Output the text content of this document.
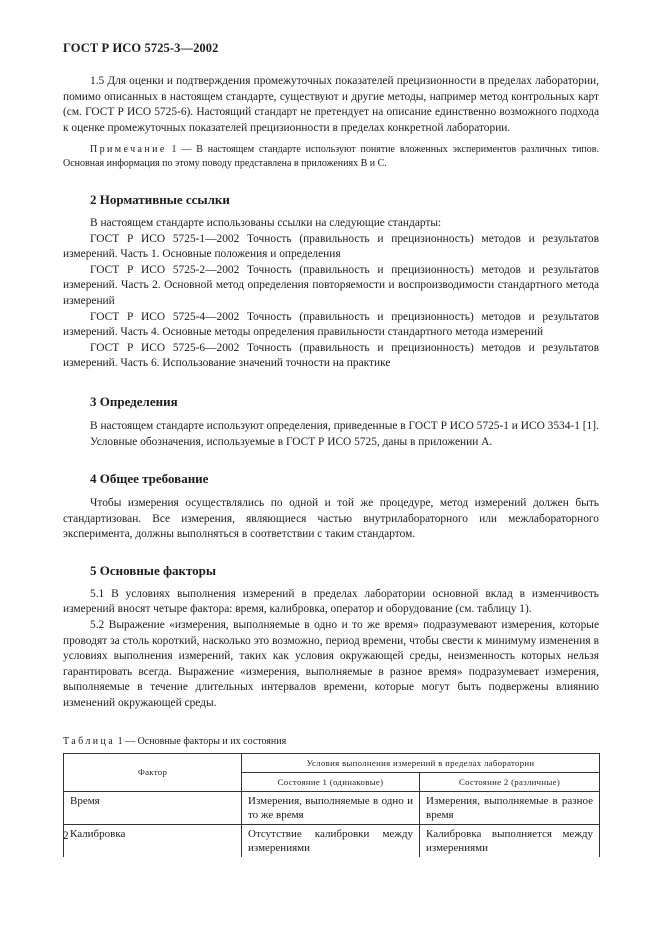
ГОСТ Р ИСО 5725-3—2002

1.5 Для оценки и подтверждения промежуточных показателей прецизионности в пределах лаборатории, помимо описанных в настоящем стандарте, существуют и другие методы, например метод контрольных карт (см. ГОСТ Р ИСО 5725-6). Настоящий стандарт не претендует на описание единственно возможного подхода к оценке промежуточных показателей прецизионности в пределах конкретной лаборатории.

Примечание 1 — В настоящем стандарте используют понятие вложенных экспериментов различных типов. Основная информация по этому поводу представлена в приложениях В и С.

2 Нормативные ссылки

В настоящем стандарте использованы ссылки на следующие стандарты:

ГОСТ Р ИСО 5725-1—2002 Точность (правильность и прецизионность) методов и результатов измерений. Часть 1. Основные положения и определения

ГОСТ Р ИСО 5725-2—2002 Точность (правильность и прецизионность) методов и результатов измерений. Часть 2. Основной метод определения повторяемости и воспроизводимости стандартного метода измерений

ГОСТ Р ИСО 5725-4—2002 Точность (правильность и прецизионность) методов и результатов измерений. Часть 4. Основные методы определения правильности стандартного метода измерений

ГОСТ Р ИСО 5725-6—2002 Точность (правильность и прецизионность) методов и результатов измерений. Часть 6. Использование значений точности на практике

3 Определения

В настоящем стандарте используют определения, приведенные в ГОСТ Р ИСО 5725-1 и ИСО 3534-1 [1].

Условные обозначения, используемые в ГОСТ Р ИСО 5725, даны в приложении А.

4 Общее требование

Чтобы измерения осуществлялись по одной и той же процедуре, метод измерений должен быть стандартизован. Все измерения, являющиеся частью внутрилабораторного или межлабораторного эксперимента, должны выполняться в соответствии с таким стандартом.

5 Основные факторы

5.1 В условиях выполнения измерений в пределах лаборатории основной вклад в изменчивость измерений вносят четыре фактора: время, калибровка, оператор и оборудование (см. таблицу 1).

5.2 Выражение «измерения, выполняемые в одно и то же время» подразумевают измерения, которые проводят за столь короткий, насколько это возможно, период времени, чтобы свести к минимуму изменения в условиях выполнения измерений, таких как условия окружающей среды, неизменность которых нельзя гарантировать всегда. Выражение «измерения, выполняемые в разное время» подразумевает измерения, выполняемые в течение длительных интервалов времени, которые могут быть подвержены влиянию изменений окружающей среды.

Таблица 1 — Основные факторы и их состояния
Фактор	Условия выполнения измерений в пределах лаборатории	
	Состояние 1 (одинаковые)	Состояние 2 (различные)
Время	Измерения, выполняемые в одно и то же время	Измерения, выполняемые в разное время
Калибровка	Отсутствие калибровки между измерениями	Калибровка выполняется между измерениями
2
